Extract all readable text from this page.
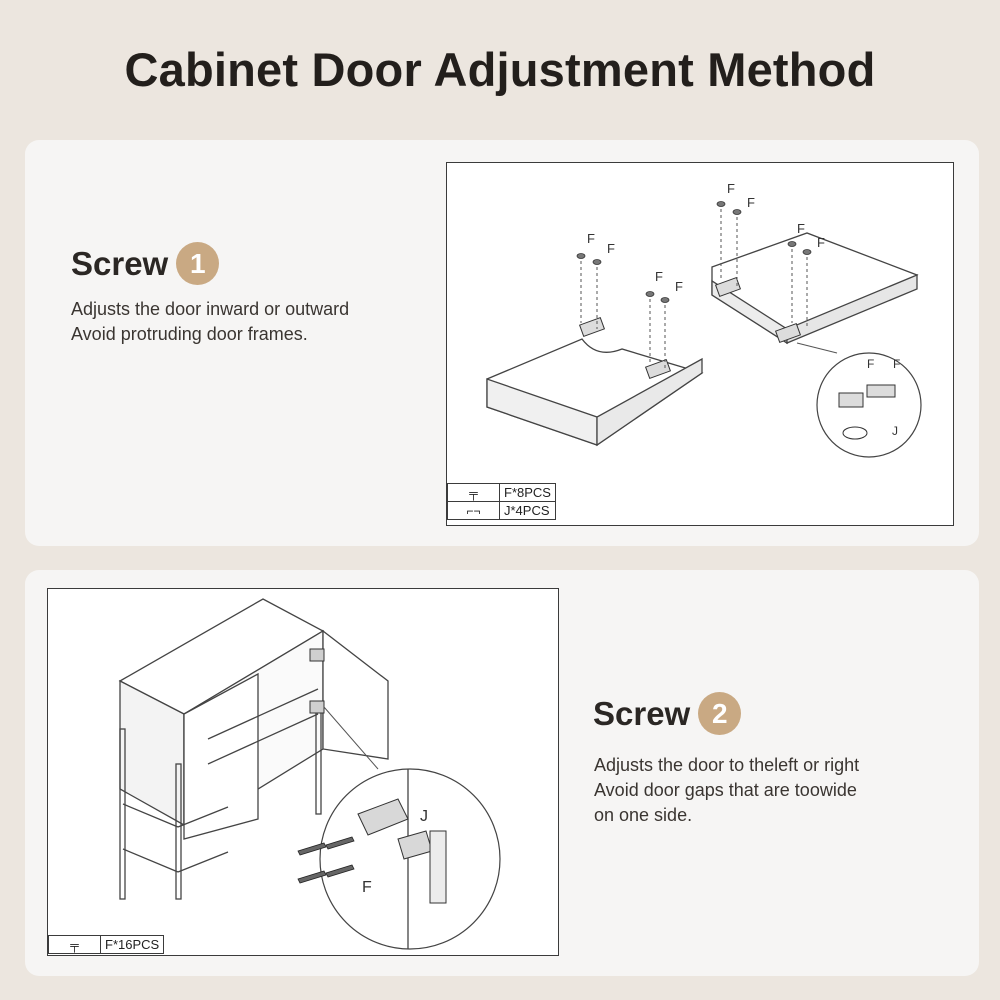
Cabinet Door Adjustment Method
Screw 1
Adjusts the door inward or outward
Avoid protruding door frames.
F
F
F
F
F
F
F
F
F F
J
╤	F*8PCS
⌐¬	J*4PCS
J
F
╤	F*16PCS
Screw 2
Adjusts the door to theleft or right
Avoid door gaps that are toowide
on one side.
